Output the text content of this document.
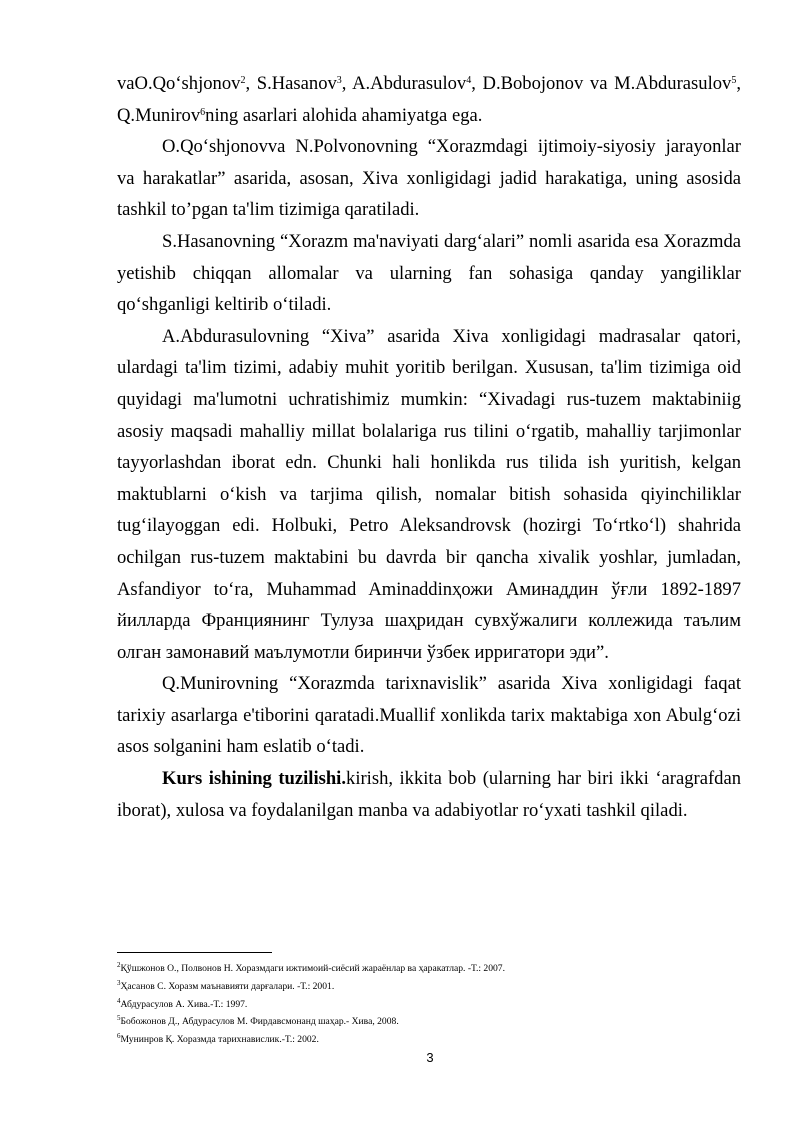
vaO.Qo‘shjonov$^2$, S.Hasanov$^3$, A.Abdurasulov$^4$, D.Bobojonov va M.Abdurasulov$^5$, Q.Munirov$^6$ning asarlari alohida ahamiyatga ega.

O.Qo‘shjonovva N.Polvonovning “Xorazmdagi ijtimoiy-siyosiy jarayonlar va harakatlar” asarida, asosan, Xiva xonligidagi jadid harakatiga, uning asosida tashkil to’pgan ta'lim tizimiga qaratiladi.

S.Hasanovning “Xorazm ma'naviyati darg‘alari” nomli asarida esa Xorazmda yetishib chiqqan allomalar va ularning fan sohasiga qanday yangiliklar qo‘shganligi keltirib o‘tiladi.

A.Abdurasulovning “Xiva” asarida Xiva xonligidagi madrasalar qatori, ulardagi ta'lim tizimi, adabiy muhit yoritib berilgan. Xususan, ta'lim tizimiga oid quyidagi ma'lumotni uchratishimiz mumkin: “Xivadagi rus-tuzem maktabiniig asosiy maqsadi mahalliy millat bolalariga rus tilini o‘rgatib, mahalliy tarjimonlar tayyorlashdan iborat edn. Chunki hali honlikda rus tilida ish yuritish, kelgan maktublarni o‘kish va tarjima qilish, nomalar bitish sohasida qiyinchiliklar tug‘ilayoggan edi. Holbuki, Petro Aleksandrovsk (hozirgi To‘rtko‘l) shahrida ochilgan rus-tuzem maktabini bu davrda bir qancha xivalik yoshlar, jumladan, Asfandiyor to‘ra, Muhammad Aminaddinҳожи Аминаддин ўғли 1892-1897 йилларда Франциянинг Тулуза шаҳридан сувхўжалиги коллежида таълим олган замонавий маълумотли биринчи ўзбек ирригатори эди”.

Q.Munirovning “Xorazmda tarixnavislik” asarida Xiva xonligidagi faqat tarixiy asarlarga e'tiborini qaratadi.Muallif xonlikda tarix maktabiga xon Abulg‘ozi asos solganini ham eslatib o‘tadi.

Kurs ishining tuzilishi.kirish, ikkita bob (ularning har biri ikki ‘aragrafdan iborat), xulosa va foydalanilgan manba va adabiyotlar ro‘yxati tashkil qiladi.

$^2$Қўшжонов О., Полвонов Н. Хоразмдаги ижтимоий-сиёсий жараёнлар ва ҳаракатлар. -Т.: 2007.
$^3$Ҳасанов С. Хоразм маънавияти дарғалари. -Т.: 2001.
$^4$Абдурасулов А. Хива.-Т.: 1997.
$^5$Бобожонов Д., Абдурасулов М. Фирдавсмонанд шаҳар.- Хива, 2008.
$^6$Мунинров Қ. Хоразмда тарихнавислик.-Т.: 2002.
3
